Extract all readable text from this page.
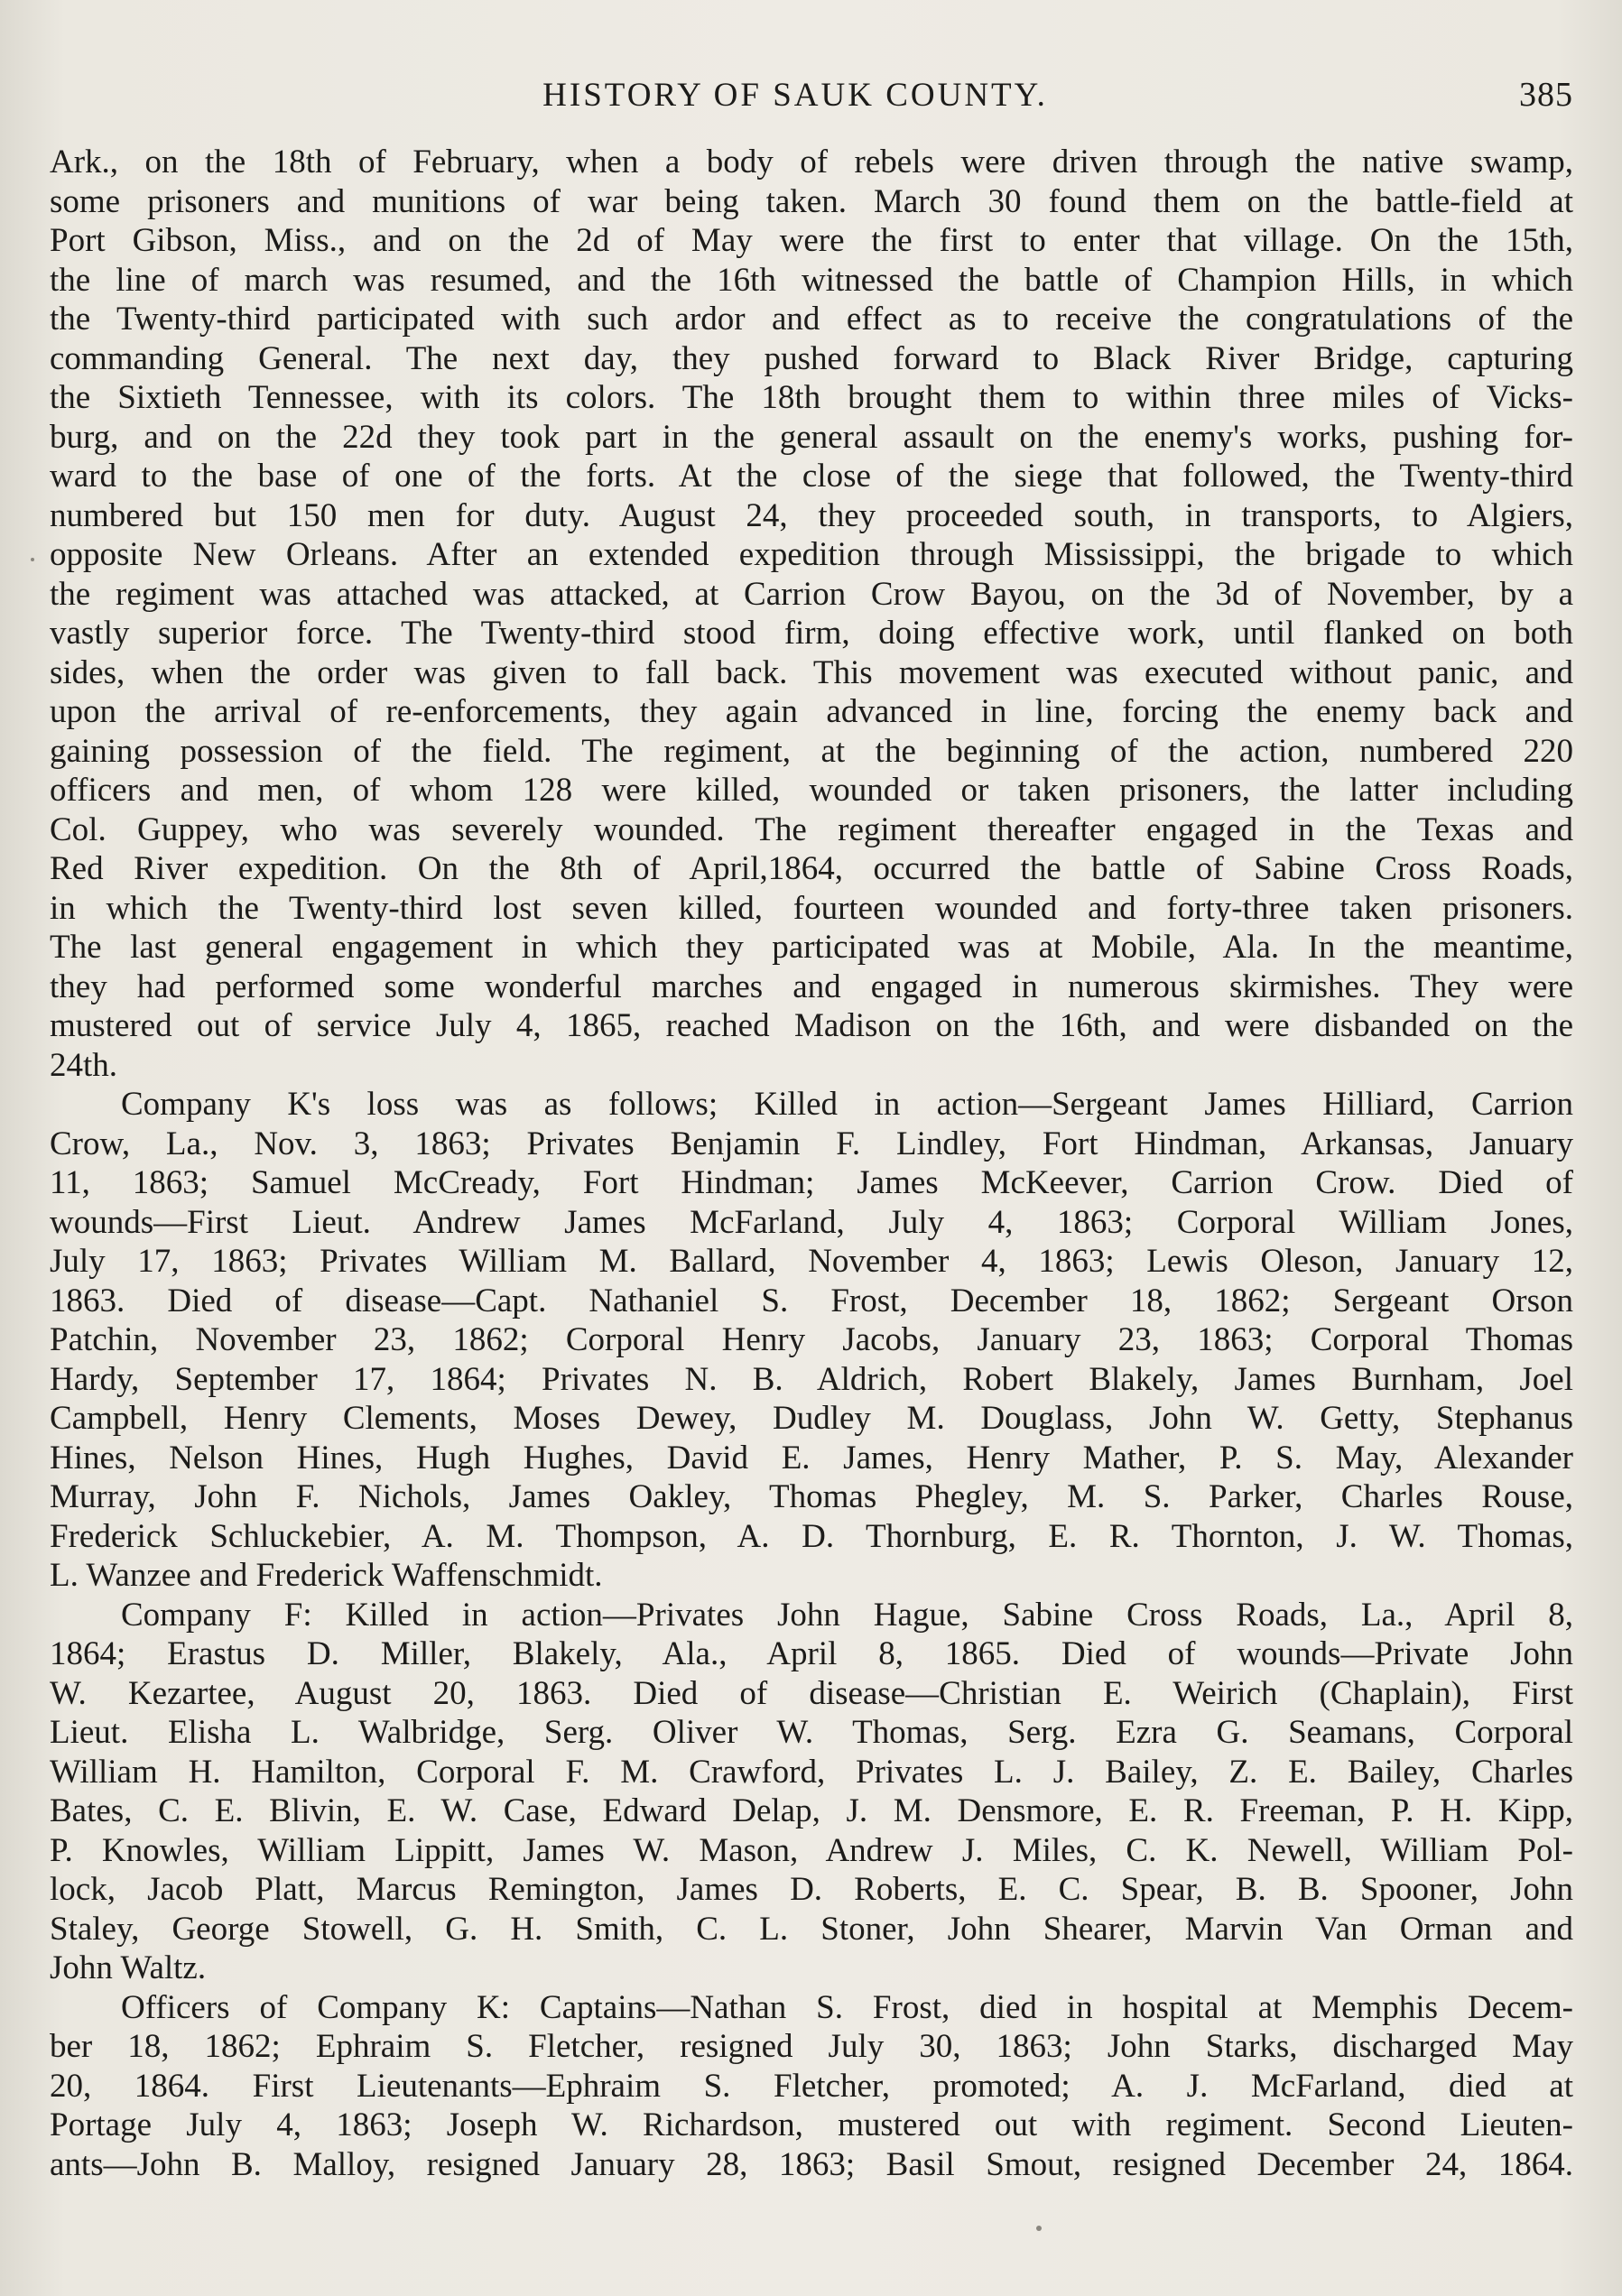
HISTORY OF SAUK COUNTY.	385
Ark., on the 18th of February, when a body of rebels were driven through the native swamp,
some prisoners and munitions of war being taken. March 30 found them on the battle-field at
Port Gibson, Miss., and on the 2d of May were the first to enter that village. On the 15th,
the line of march was resumed, and the 16th witnessed the battle of Champion Hills, in which
the Twenty-third participated with such ardor and effect as to receive the congratulations of the
commanding General. The next day, they pushed forward to Black River Bridge, capturing
the Sixtieth Tennessee, with its colors. The 18th brought them to within three miles of Vicks-
burg, and on the 22d they took part in the general assault on the enemy's works, pushing for-
ward to the base of one of the forts. At the close of the siege that followed, the Twenty-third
numbered but 150 men for duty. August 24, they proceeded south, in transports, to Algiers,
opposite New Orleans. After an extended expedition through Mississippi, the brigade to which
the regiment was attached was attacked, at Carrion Crow Bayou, on the 3d of November, by a
vastly superior force. The Twenty-third stood firm, doing effective work, until flanked on both
sides, when the order was given to fall back. This movement was executed without panic, and
upon the arrival of re-enforcements, they again advanced in line, forcing the enemy back and
gaining possession of the field. The regiment, at the beginning of the action, numbered 220
officers and men, of whom 128 were killed, wounded or taken prisoners, the latter including
Col. Guppey, who was severely wounded. The regiment thereafter engaged in the Texas and
Red River expedition. On the 8th of April,1864, occurred the battle of Sabine Cross Roads,
in which the Twenty-third lost seven killed, fourteen wounded and forty-three taken prisoners.
The last general engagement in which they participated was at Mobile, Ala. In the meantime,
they had performed some wonderful marches and engaged in numerous skirmishes. They were
mustered out of service July 4, 1865, reached Madison on the 16th, and were disbanded on the
24th.
Company K's loss was as follows; Killed in action—Sergeant James Hilliard, Carrion
Crow, La., Nov. 3, 1863; Privates Benjamin F. Lindley, Fort Hindman, Arkansas, January
11, 1863; Samuel McCready, Fort Hindman; James McKeever, Carrion Crow. Died of
wounds—First Lieut. Andrew James McFarland, July 4, 1863; Corporal William Jones,
July 17, 1863; Privates William M. Ballard, November 4, 1863; Lewis Oleson, January 12,
1863. Died of disease—Capt. Nathaniel S. Frost, December 18, 1862; Sergeant Orson
Patchin, November 23, 1862; Corporal Henry Jacobs, January 23, 1863; Corporal Thomas
Hardy, September 17, 1864; Privates N. B. Aldrich, Robert Blakely, James Burnham, Joel
Campbell, Henry Clements, Moses Dewey, Dudley M. Douglass, John W. Getty, Stephanus
Hines, Nelson Hines, Hugh Hughes, David E. James, Henry Mather, P. S. May, Alexander
Murray, John F. Nichols, James Oakley, Thomas Phegley, M. S. Parker, Charles Rouse,
Frederick Schluckebier, A. M. Thompson, A. D. Thornburg, E. R. Thornton, J. W. Thomas,
L. Wanzee and Frederick Waffenschmidt.
Company F: Killed in action—Privates John Hague, Sabine Cross Roads, La., April 8,
1864; Erastus D. Miller, Blakely, Ala., April 8, 1865. Died of wounds—Private John
W. Kezartee, August 20, 1863. Died of disease—Christian E. Weirich (Chaplain), First
Lieut. Elisha L. Walbridge, Serg. Oliver W. Thomas, Serg. Ezra G. Seamans, Corporal
William H. Hamilton, Corporal F. M. Crawford, Privates L. J. Bailey, Z. E. Bailey, Charles
Bates, C. E. Blivin, E. W. Case, Edward Delap, J. M. Densmore, E. R. Freeman, P. H. Kipp,
P. Knowles, William Lippitt, James W. Mason, Andrew J. Miles, C. K. Newell, William Pol-
lock, Jacob Platt, Marcus Remington, James D. Roberts, E. C. Spear, B. B. Spooner, John
Staley, George Stowell, G. H. Smith, C. L. Stoner, John Shearer, Marvin Van Orman and
John Waltz.
Officers of Company K: Captains—Nathan S. Frost, died in hospital at Memphis Decem-
ber 18, 1862; Ephraim S. Fletcher, resigned July 30, 1863; John Starks, discharged May
20, 1864. First Lieutenants—Ephraim S. Fletcher, promoted; A. J. McFarland, died at
Portage July 4, 1863; Joseph W. Richardson, mustered out with regiment. Second Lieuten-
ants—John B. Malloy, resigned January 28, 1863; Basil Smout, resigned December 24, 1864.
